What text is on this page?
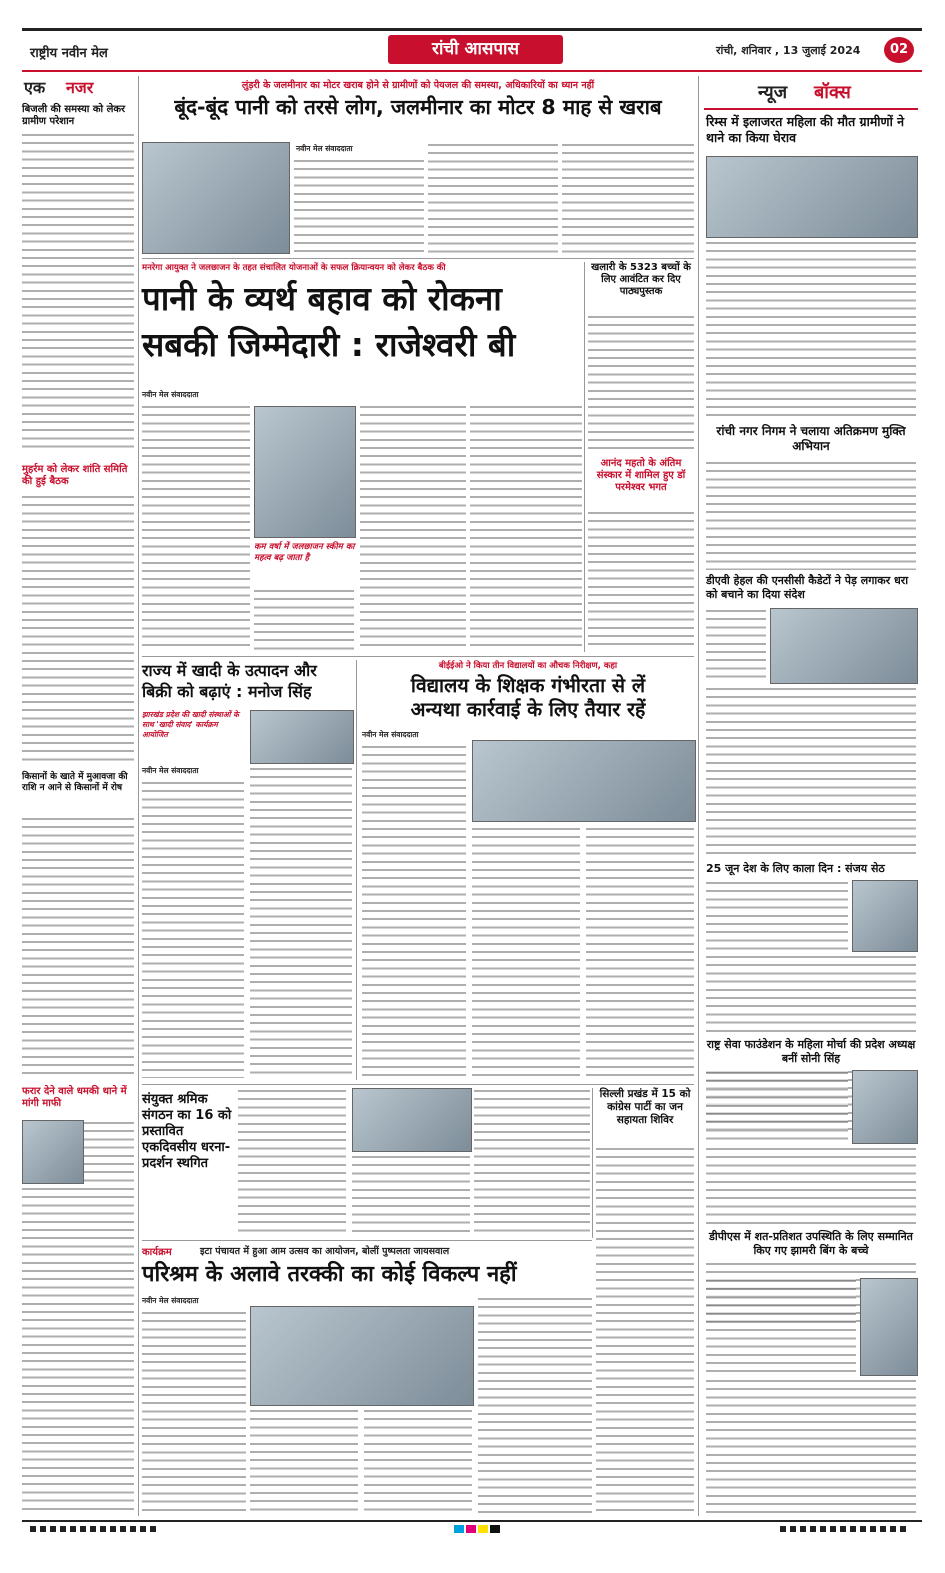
राष्ट्रीय नवीन मेल	रांची आसपास	रांची, शनिवार , 13 जुलाई 2024	02
एक नजर
बिजली की समस्या को लेकर ग्रामीण परेशान
मुहर्रम को लेकर शांति समिति की हुई बैठक
किसानों के खाते में मुआवजा की राशि न आने से किसानों में रोष
फरार देने वाले धमकी थाने में मांगी माफी
न्यूज बॉक्स
रिम्स में इलाजरत महिला की मौत ग्रामीणों ने थाने का किया घेराव
रांची नगर निगम ने चलाया अतिक्रमण मुक्ति अभियान
डीएवी हेहल की एनसीसी कैडेटों ने पेड़ लगाकर धरा को बचाने का दिया संदेश
25 जून देश के लिए काला दिन : संजय सेठ
राष्ट्र सेवा फाउंडेशन के महिला मोर्चा की प्रदेश अध्यक्ष बनीं सोनी सिंह
डीपीएस में शत-प्रतिशत उपस्थिति के लिए सम्मानित किए गए झामरी बिंग के बच्चे
लुंड़री के जलमीनार का मोटर खराब होने से ग्रामीणों को पेयजल की समस्या, अधिकारियों का ध्यान नहीं
बूंद-बूंद पानी को तरसे लोग, जलमीनार का मोटर 8 माह से खराब
नवीन मेल संवाददाता
मनरेगा आयुक्त ने जलछाजन के तहत संचालित योजनाओं के सफल क्रियान्वयन को लेकर बैठक की
पानी के व्यर्थ बहाव को रोकना
सबकी जिम्मेदारी : राजेश्वरी बी
नवीन मेल संवाददाता
कम वर्षा में जलछाजन स्कीम का महत्व बढ़ जाता है
खलारी के 5323 बच्चों के लिए आवंटित कर दिए पाठ्यपुस्तक
आनंद महतो के अंतिम संस्कार में शामिल हुए डॉ परमेश्वर भगत
राज्य में खादी के उत्पादन और बिक्री को बढ़ाएं : मनोज सिंह
झारखंड प्रदेश की खादी संस्थाओं के साथ 'खादी संवाद' कार्यक्रम आयोजित
नवीन मेल संवाददाता
बीईईओ ने किया तीन विद्यालयों का औचक निरीक्षण, कहा
विद्यालय के शिक्षक गंभीरता से लें
अन्यथा कार्रवाई के लिए तैयार रहें
नवीन मेल संवाददाता
संयुक्त श्रमिक संगठन का 16 को प्रस्तावित एकदिवसीय धरना-प्रदर्शन स्थगित
सिल्ली प्रखंड में 15 को कांग्रेस पार्टी का जन सहायता शिविर
कार्यक्रम	इटा पंचायत में हुआ आम उत्सव का आयोजन, बोलीं पुष्पलता जायसवाल
परिश्रम के अलावे तरक्की का कोई विकल्प नहीं
नवीन मेल संवाददाता
